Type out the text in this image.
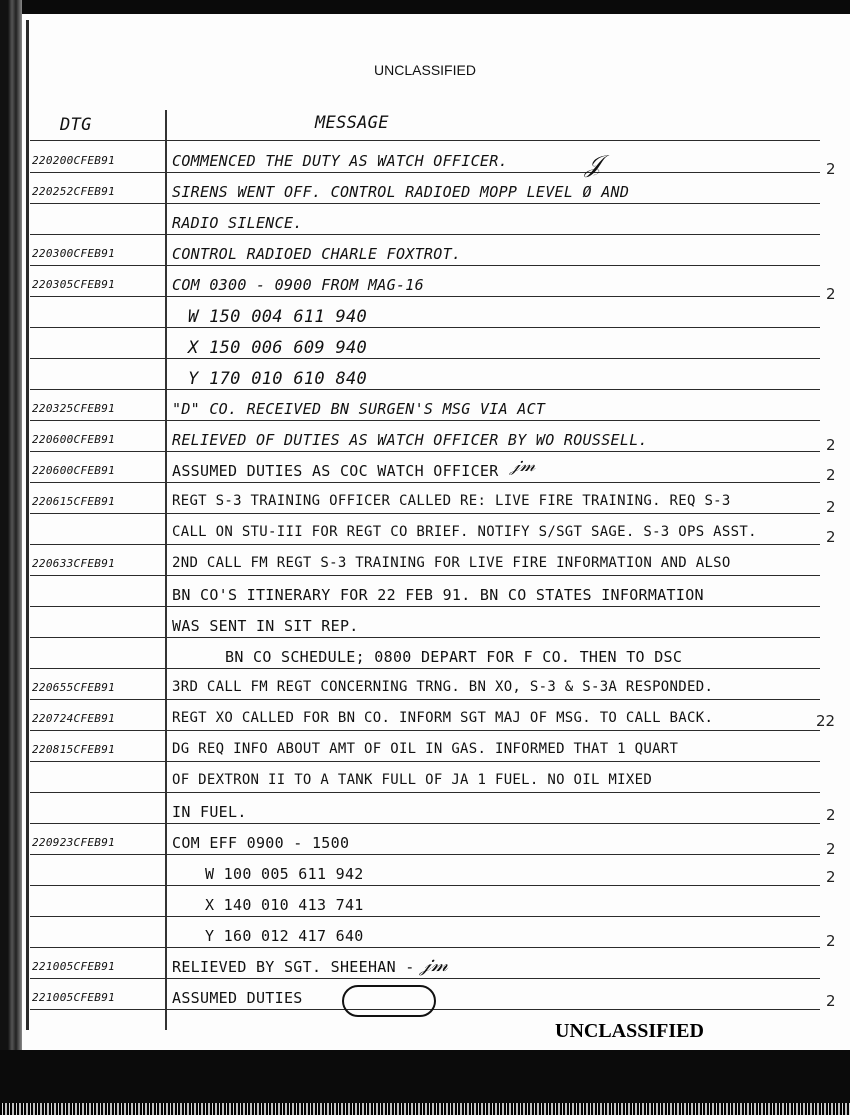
UNCLASSIFIED
DTG	MESSAGE
220200CFEB91	COMMENCED THE DUTY AS WATCH OFFICER.
220252CFEB91	SIRENS WENT OFF. CONTROL RADIOED MOPP LEVEL Ø AND
RADIO SILENCE.
220300CFEB91	CONTROL RADIOED CHARLE FOXTROT.
220305CFEB91	COM 0300 - 0900 FROM MAG-16
W 150 004 611 940
X 150 006 609 940
Y 170 010 610 840
220325CFEB91	"D" CO. RECEIVED BN SURGEN'S MSG VIA ACT
220600CFEB91	RELIEVED OF DUTIES AS WATCH OFFICER BY WO ROUSSELL.
220600CFEB91	ASSUMED DUTIES AS COC WATCH OFFICER
220615CFEB91	REGT S-3 TRAINING OFFICER CALLED RE: LIVE FIRE TRAINING. REQ S-3
CALL ON STU-III FOR REGT CO BRIEF. NOTIFY S/SGT SAGE. S-3 OPS ASST.
220633CFEB91	2ND CALL FM REGT S-3 TRAINING FOR LIVE FIRE INFORMATION AND ALSO
BN CO'S ITINERARY FOR 22 FEB 91. BN CO STATES INFORMATION
WAS SENT IN SIT REP.
BN CO SCHEDULE; 0800 DEPART FOR F CO. THEN TO DSC
220655CFEB91	3RD CALL FM REGT CONCERNING TRNG. BN XO, S-3 & S-3A RESPONDED.
220724CFEB91	REGT XO CALLED FOR BN CO. INFORM SGT MAJ OF MSG. TO CALL BACK.
220815CFEB91	DG REQ INFO ABOUT AMT OF OIL IN GAS. INFORMED THAT 1 QUART
OF DEXTRON II TO A TANK FULL OF JA 1 FUEL. NO OIL MIXED
IN FUEL.
220923CFEB91	COM EFF 0900 - 1500
W 100 005 611 942
X 140 010 413 741
Y 160 012 417 640
221005CFEB91	RELIEVED BY SGT. SHEEHAN -
221005CFEB91	ASSUMED DUTIES
𝒥
𝒿𝓂
𝒿𝓂
2
2
2
2
2
2
22
2
2
2
2
2
UNCLASSIFIED
